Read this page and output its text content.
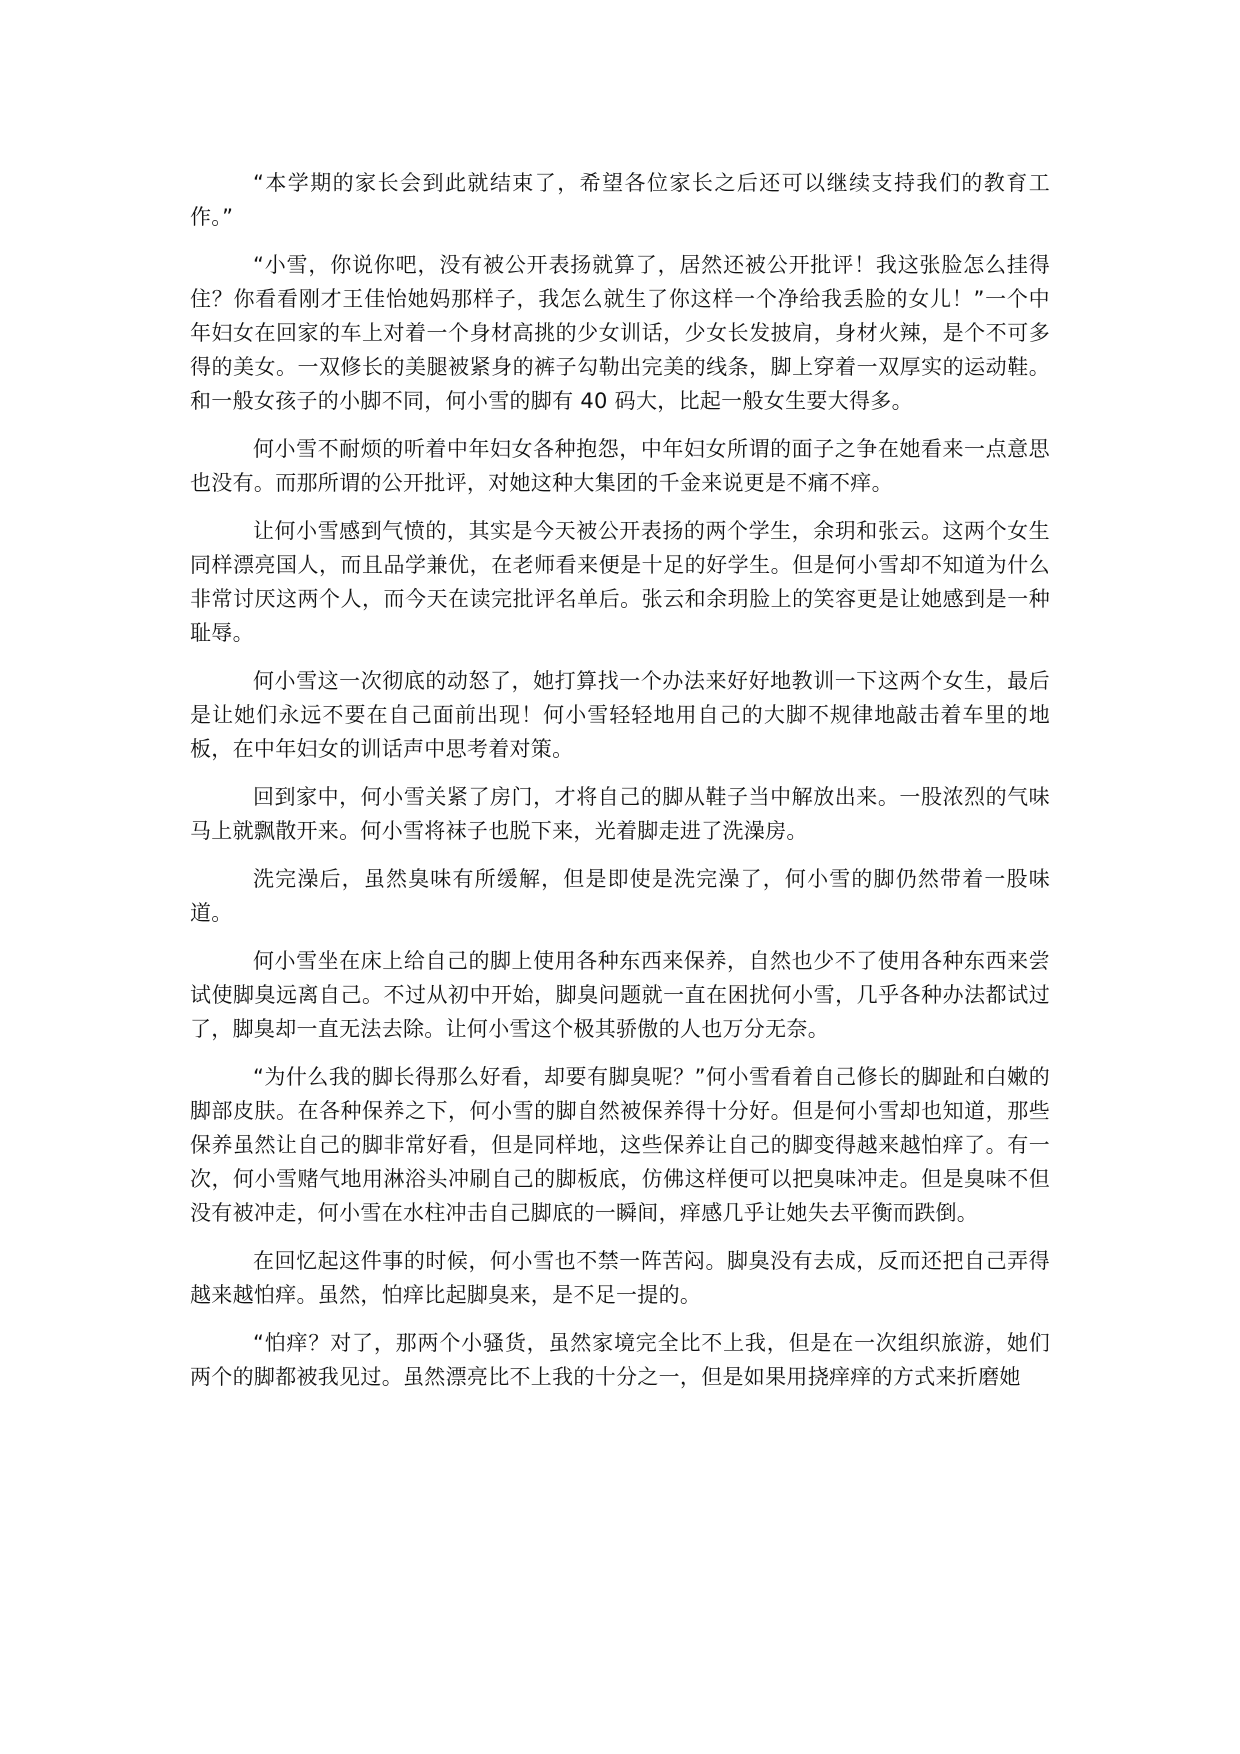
“本学期的家长会到此就结束了，希望各位家长之后还可以继续支持我们的教育工作。”

“小雪，你说你吧，没有被公开表扬就算了，居然还被公开批评！我这张脸怎么挂得住？你看看刚才王佳怡她妈那样子，我怎么就生了你这样一个净给我丢脸的女儿！”一个中年妇女在回家的车上对着一个身材高挑的少女训话，少女长发披肩，身材火辣，是个不可多得的美女。一双修长的美腿被紧身的裤子勾勒出完美的线条，脚上穿着一双厚实的运动鞋。和一般女孩子的小脚不同，何小雪的脚有 40 码大，比起一般女生要大得多。

何小雪不耐烦的听着中年妇女各种抱怨，中年妇女所谓的面子之争在她看来一点意思也没有。而那所谓的公开批评，对她这种大集团的千金来说更是不痛不痒。

让何小雪感到气愤的，其实是今天被公开表扬的两个学生，余玥和张云。这两个女生同样漂亮国人，而且品学兼优，在老师看来便是十足的好学生。但是何小雪却不知道为什么非常讨厌这两个人，而今天在读完批评名单后。张云和余玥脸上的笑容更是让她感到是一种耻辱。

何小雪这一次彻底的动怒了，她打算找一个办法来好好地教训一下这两个女生，最后是让她们永远不要在自己面前出现！何小雪轻轻地用自己的大脚不规律地敲击着车里的地板，在中年妇女的训话声中思考着对策。

回到家中，何小雪关紧了房门，才将自己的脚从鞋子当中解放出来。一股浓烈的气味马上就飘散开来。何小雪将袜子也脱下来，光着脚走进了洗澡房。

洗完澡后，虽然臭味有所缓解，但是即使是洗完澡了，何小雪的脚仍然带着一股味道。

何小雪坐在床上给自己的脚上使用各种东西来保养，自然也少不了使用各种东西来尝试使脚臭远离自己。不过从初中开始，脚臭问题就一直在困扰何小雪，几乎各种办法都试过了，脚臭却一直无法去除。让何小雪这个极其骄傲的人也万分无奈。

“为什么我的脚长得那么好看，却要有脚臭呢？”何小雪看着自己修长的脚趾和白嫩的脚部皮肤。在各种保养之下，何小雪的脚自然被保养得十分好。但是何小雪却也知道，那些保养虽然让自己的脚非常好看，但是同样地，这些保养让自己的脚变得越来越怕痒了。有一次，何小雪赌气地用淋浴头冲刷自己的脚板底，仿佛这样便可以把臭味冲走。但是臭味不但没有被冲走，何小雪在水柱冲击自己脚底的一瞬间，痒感几乎让她失去平衡而跌倒。

在回忆起这件事的时候，何小雪也不禁一阵苦闷。脚臭没有去成，反而还把自己弄得越来越怕痒。虽然，怕痒比起脚臭来，是不足一提的。

“怕痒？对了，那两个小骚货，虽然家境完全比不上我，但是在一次组织旅游，她们两个的脚都被我见过。虽然漂亮比不上我的十分之一，但是如果用挠痒痒的方式来折磨她
